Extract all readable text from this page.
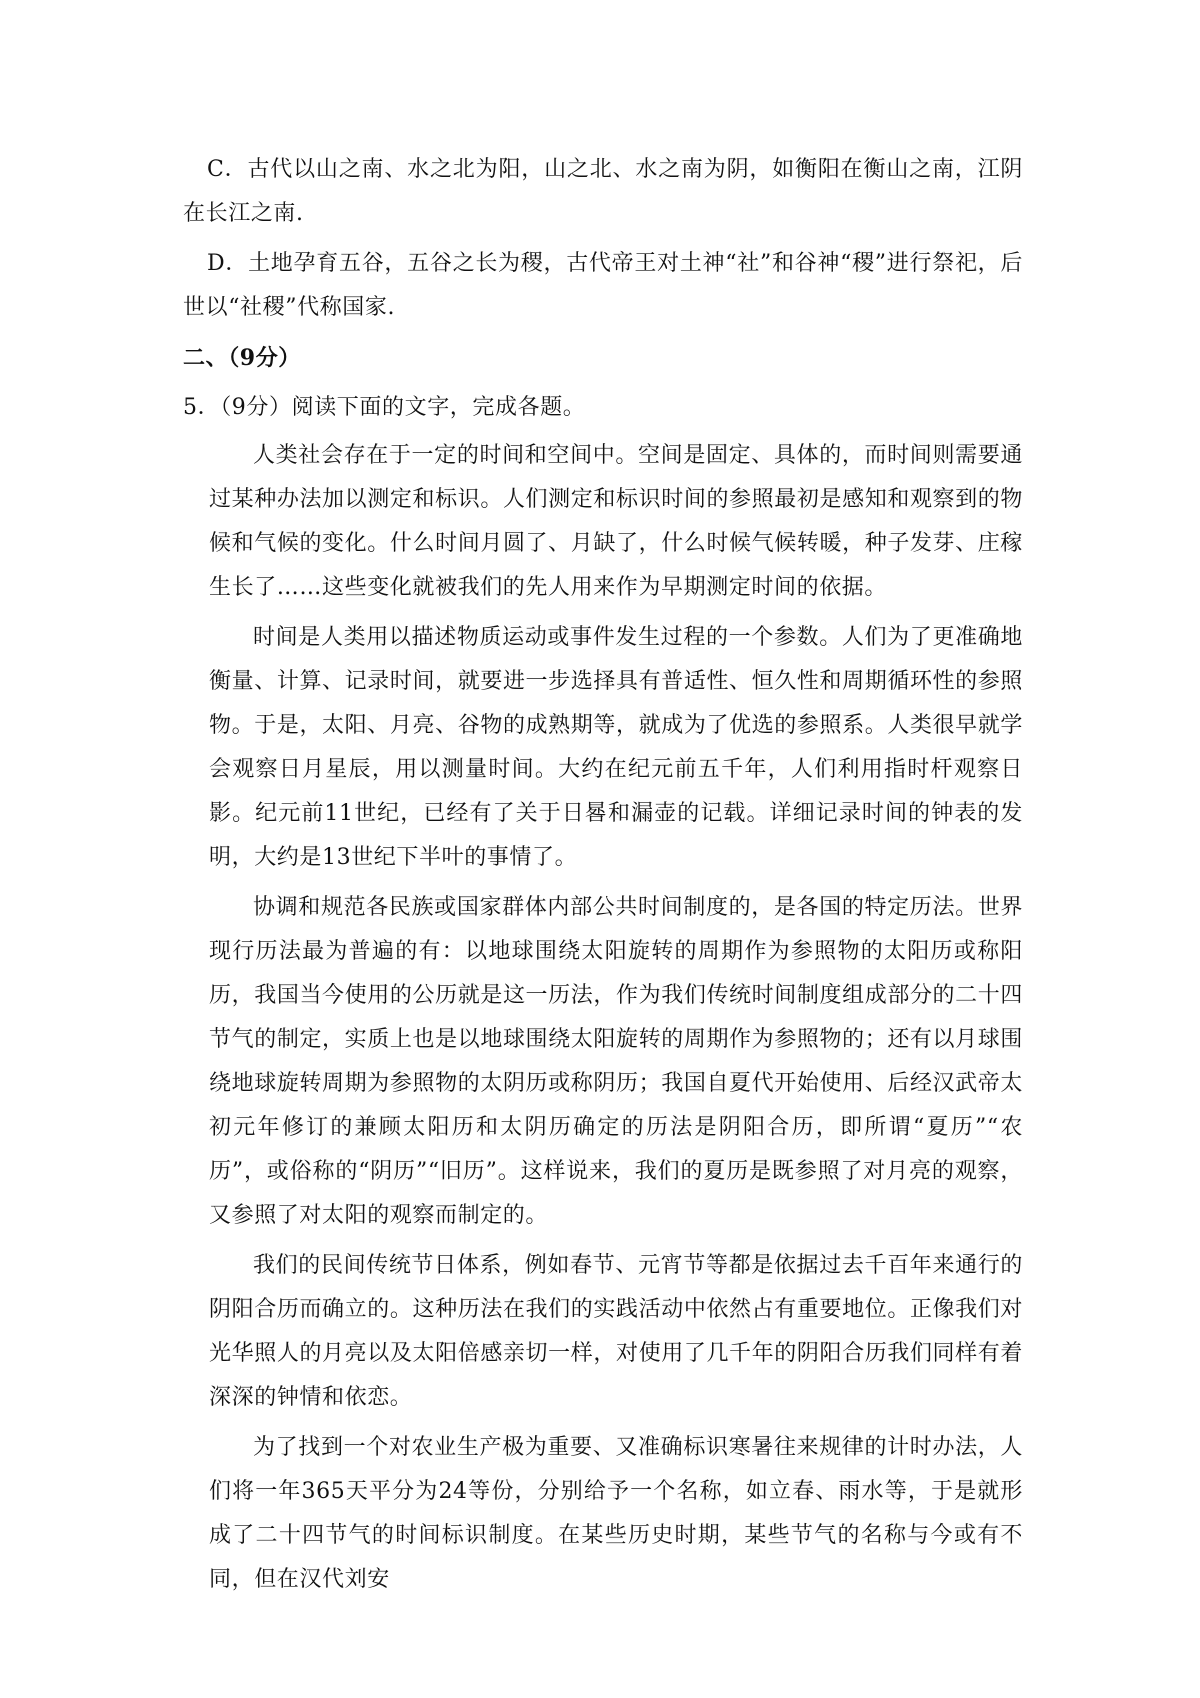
C．古代以山之南、水之北为阳，山之北、水之南为阴，如衡阳在衡山之南，江阴在长江之南.

D．土地孕育五谷，五谷之长为稷，古代帝王对土神“社”和谷神“稷”进行祭祀，后世以“社稷”代称国家.

二、（9分）

5．（9分）阅读下面的文字，完成各题。

人类社会存在于一定的时间和空间中。空间是固定、具体的，而时间则需要通过某种办法加以测定和标识。人们测定和标识时间的参照最初是感知和观察到的物候和气候的变化。什么时间月圆了、月缺了，什么时候气候转暖，种子发芽、庄稼生长了……这些变化就被我们的先人用来作为早期测定时间的依据。

时间是人类用以描述物质运动或事件发生过程的一个参数。人们为了更准确地衡量、计算、记录时间，就要进一步选择具有普适性、恒久性和周期循环性的参照物。于是，太阳、月亮、谷物的成熟期等，就成为了优选的参照系。人类很早就学会观察日月星辰，用以测量时间。大约在纪元前五千年，人们利用指时杆观察日影。纪元前11世纪，已经有了关于日晷和漏壶的记载。详细记录时间的钟表的发明，大约是13世纪下半叶的事情了。

协调和规范各民族或国家群体内部公共时间制度的，是各国的特定历法。世界现行历法最为普遍的有：以地球围绕太阳旋转的周期作为参照物的太阳历或称阳历，我国当今使用的公历就是这一历法，作为我们传统时间制度组成部分的二十四节气的制定，实质上也是以地球围绕太阳旋转的周期作为参照物的；还有以月球围绕地球旋转周期为参照物的太阴历或称阴历；我国自夏代开始使用、后经汉武帝太初元年修订的兼顾太阳历和太阴历确定的历法是阴阳合历，即所谓“夏历”“农历”，或俗称的“阴历”“旧历”。这样说来，我们的夏历是既参照了对月亮的观察，又参照了对太阳的观察而制定的。

我们的民间传统节日体系，例如春节、元宵节等都是依据过去千百年来通行的阴阳合历而确立的。这种历法在我们的实践活动中依然占有重要地位。正像我们对光华照人的月亮以及太阳倍感亲切一样，对使用了几千年的阴阳合历我们同样有着深深的钟情和依恋。

为了找到一个对农业生产极为重要、又准确标识寒暑往来规律的计时办法，人们将一年365天平分为24等份，分别给予一个名称，如立春、雨水等，于是就形成了二十四节气的时间标识制度。在某些历史时期，某些节气的名称与今或有不同，但在汉代刘安
